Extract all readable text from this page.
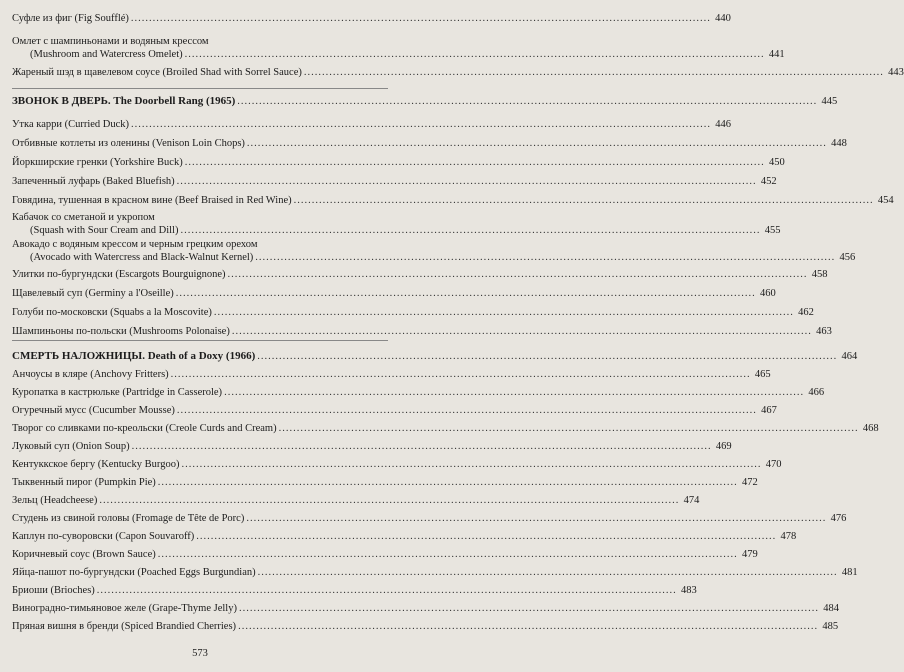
Суфле из фиг (Fig Soufflé) .....	440
Омлет с шампиньонами и водяным крессом
(Mushroom and Watercress Omelet) .....	441
Жареный шэд в щавелевом соусе (Broiled Shad with Sorrel Sauce) .....	443
ЗВОНОК В ДВЕРЬ. The Doorbell Rang (1965) .....	445
Утка карри (Curried Duck) .....	446
Отбивные котлеты из оленины (Venison Loin Chops) .....	448
Йоркширские гренки (Yorkshire Buck) .....	450
Запеченный луфарь (Baked Bluefish) .....	452
Говядина, тушенная в красном вине (Beef Braised in Red Wine) .....	454
Кабачок со сметаной и укропом
(Squash with Sour Cream and Dill) .....	455
Авокадо с водяным крессом и черным грецким орехом
(Avocado with Watercress and Black-Walnut Kernel) .....	456
Улитки по-бургундски (Escargots Bourguignone) .....	458
Щавелевый суп (Germiny a l'Oseille) .....	460
Голуби по-московски (Squabs a la Moscovite) .....	462
Шампиньоны по-польски (Mushrooms Polonaise) .....	463
СМЕРТЬ НАЛОЖНИЦЫ. Death of a Doxy (1966) .....	464
Анчоусы в кляре (Anchovy Fritters) .....	465
Куропатка в кастрюльке (Partridge in Casserole) .....	466
Огуречный мусс (Cucumber Mousse) .....	467
Творог со сливками по-креольски (Creole Curds and Cream) .....	468
Луковый суп (Onion Soup) .....	469
Кентуккское бергу (Kentucky Burgoo) .....	470
Тыквенный пирог (Pumpkin Pie) .....	472
Зельц (Headcheese) .....	474
Студень из свиной головы (Fromage de Tête de Porc) .....	476
Каплун по-суворовски (Capon Souvaroff) .....	478
Коричневый соус (Brown Sauce) .....	479
Яйца-пашот по-бургундски (Poached Eggs Burgundian) .....	481
Бриоши (Brioches) .....	483
Виноградно-тимьяновое желе (Grape-Thyme Jelly) .....	484
Пряная вишня в бренди (Spiced Brandied Cherries) .....	485
573
